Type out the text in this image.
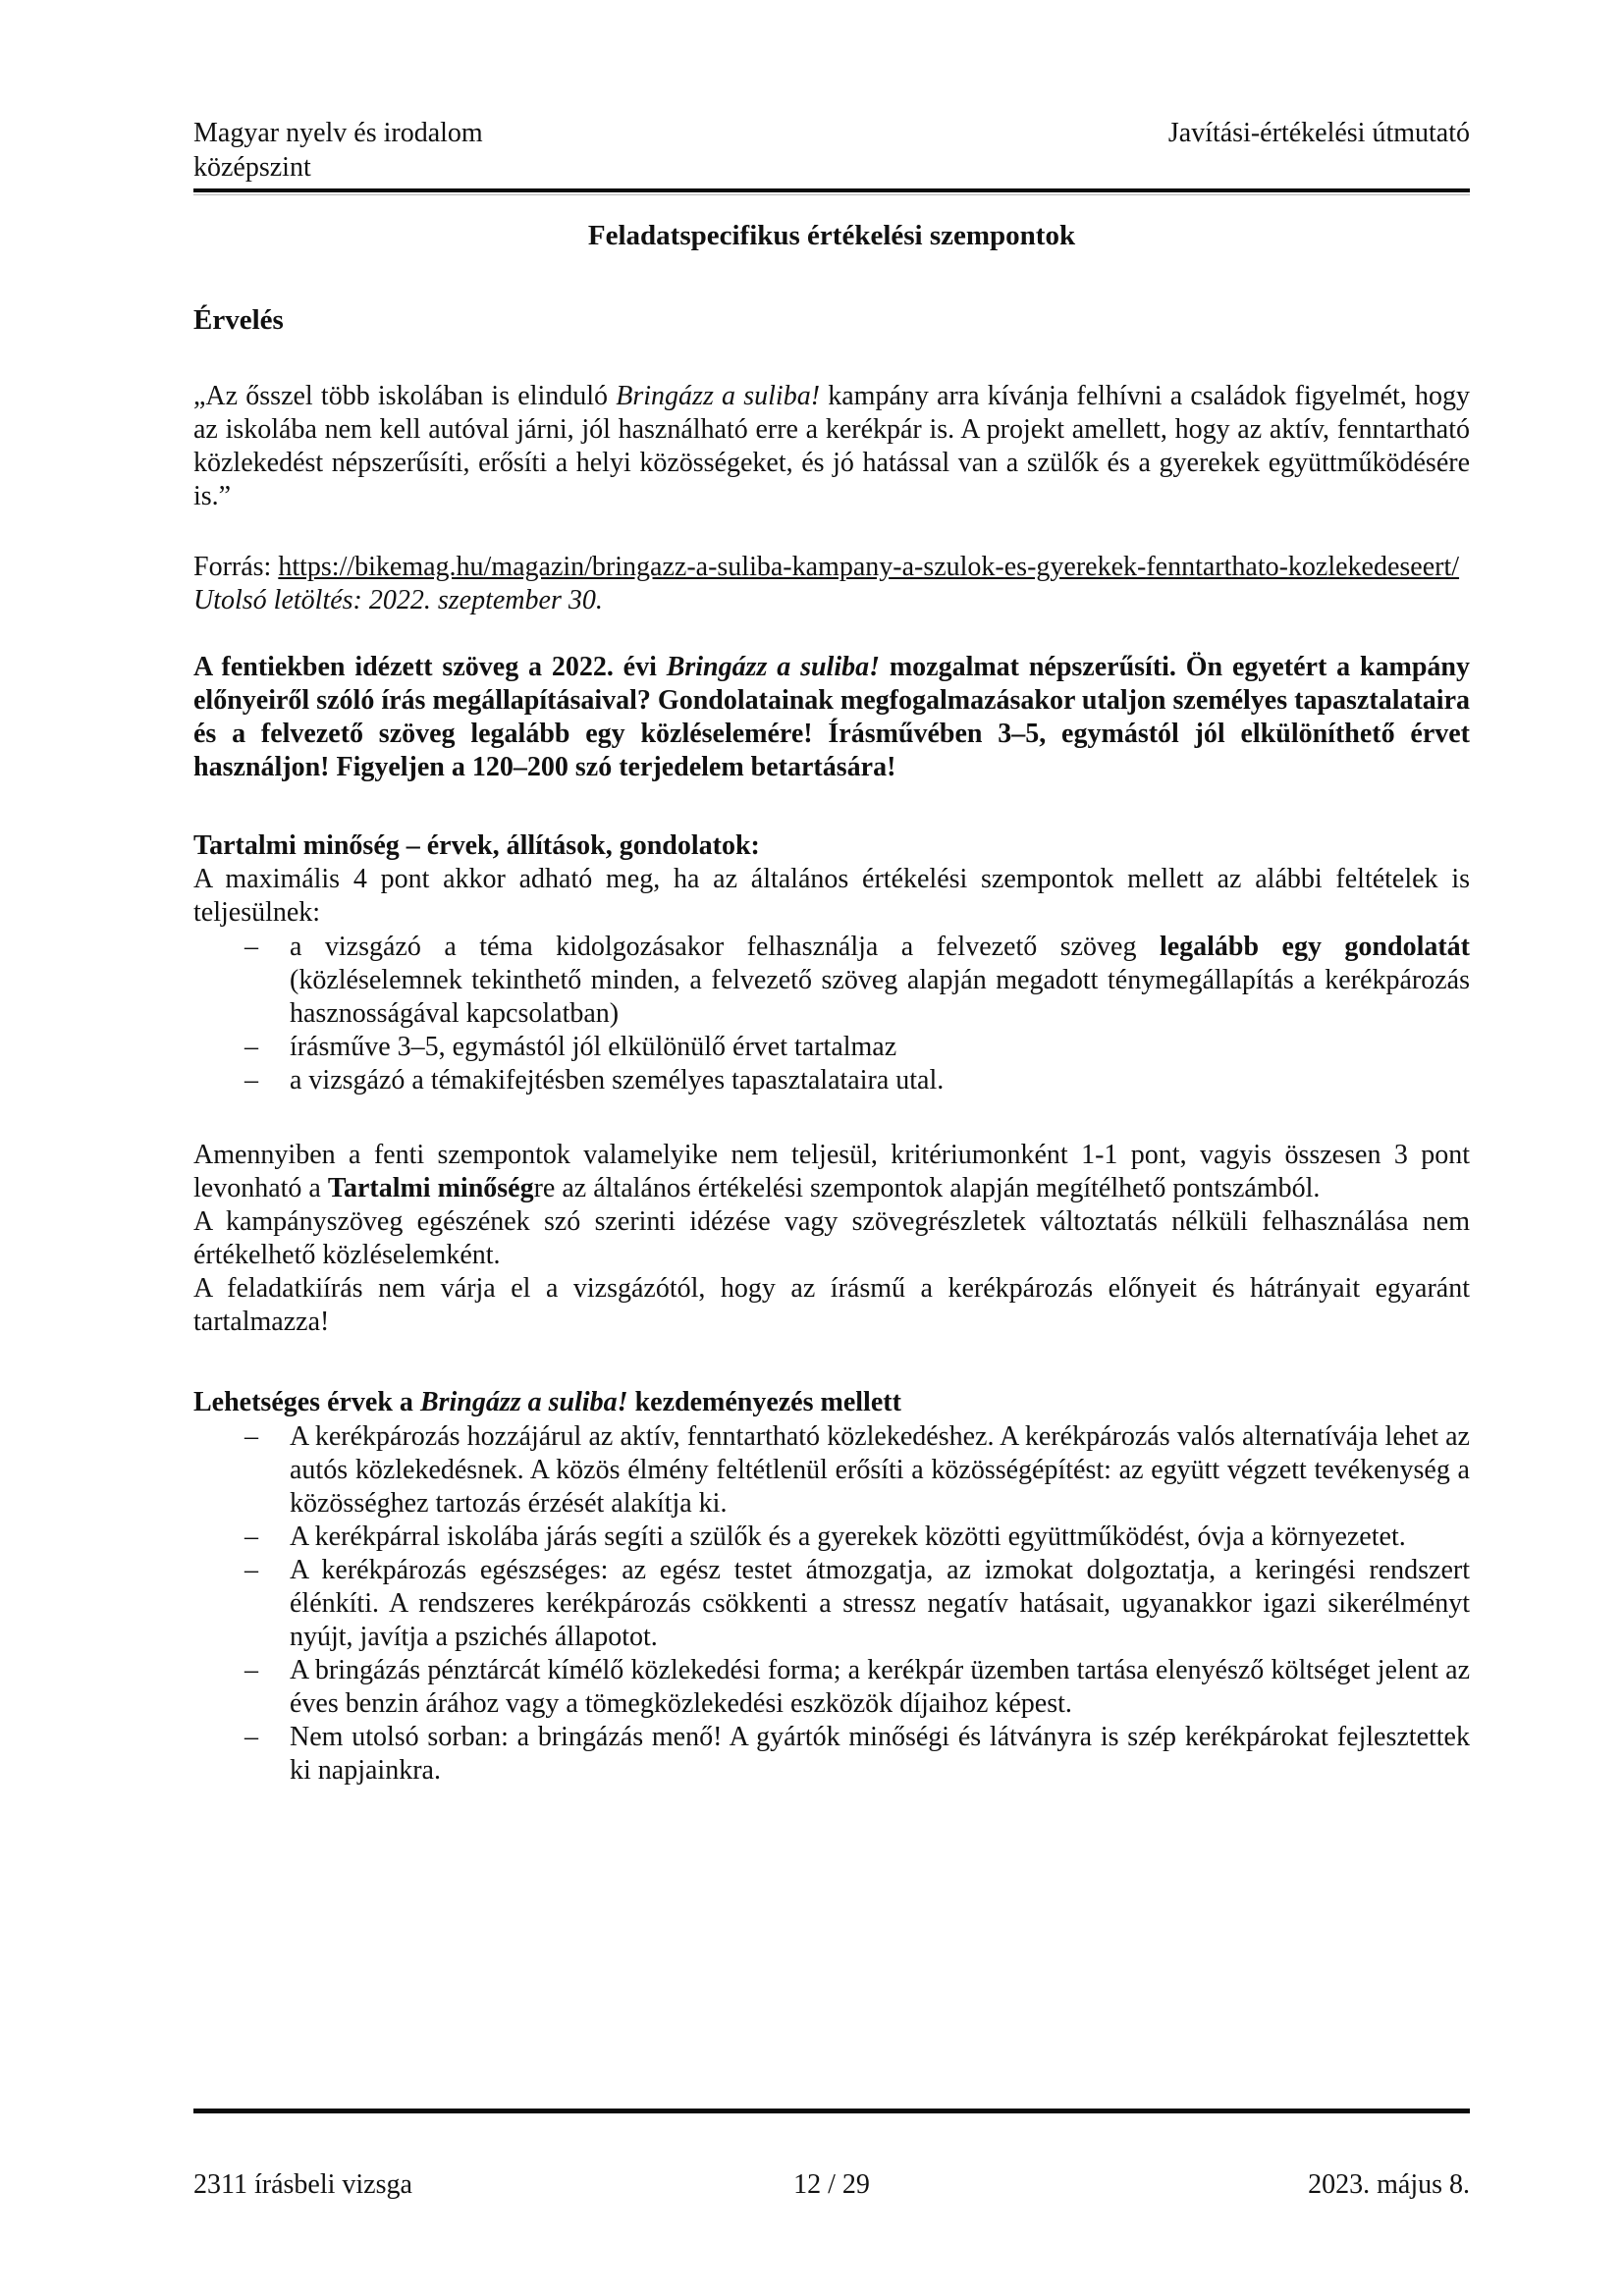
Magyar nyelv és irodalom
középszint
Javítási-értékelési útmutató
Feladatspecifikus értékelési szempontok
Érvelés

„Az ősszel több iskolában is elinduló Bringázz a suliba! kampány arra kívánja felhívni a családok figyelmét, hogy az iskolába nem kell autóval járni, jól használható erre a kerékpár is. A projekt amellett, hogy az aktív, fenntartható közlekedést népszerűsíti, erősíti a helyi közösségeket, és jó hatással van a szülők és a gyerekek együttműködésére is.”

Forrás: https://bikemag.hu/magazin/bringazz-a-suliba-kampany-a-szulok-es-gyerekek-fenntarthato-kozlekedeseert/
Utolsó letöltés: 2022. szeptember 30.

A fentiekben idézett szöveg a 2022. évi Bringázz a suliba! mozgalmat népszerűsíti. Ön egyetért a kampány előnyeiről szóló írás megállapításaival? Gondolatainak megfogalmazásakor utaljon személyes tapasztalataira és a felvezető szöveg legalább egy közléselemére! Írásművében 3–5, egymástól jól elkülöníthető érvet használjon! Figyeljen a 120–200 szó terjedelem betartására!

Tartalmi minőség – érvek, állítások, gondolatok:

A maximális 4 pont akkor adható meg, ha az általános értékelési szempontok mellett az alábbi feltételek is teljesülnek:

–	a vizsgázó a téma kidolgozásakor felhasználja a felvezető szöveg legalább egy gondolatát (közléselemnek tekinthető minden, a felvezető szöveg alapján megadott ténymegállapítás a kerékpározás hasznosságával kapcsolatban)
–	írásműve 3–5, egymástól jól elkülönülő érvet tartalmaz
–	a vizsgázó a témakifejtésben személyes tapasztalataira utal.

Amennyiben a fenti szempontok valamelyike nem teljesül, kritériumonként 1-1 pont, vagyis összesen 3 pont levonható a Tartalmi minőségre az általános értékelési szempontok alapján megítélhető pontszámból.

A kampányszöveg egészének szó szerinti idézése vagy szövegrészletek változtatás nélküli felhasználása nem értékelhető közléselemként.

A feladatkiírás nem várja el a vizsgázótól, hogy az írásmű a kerékpározás előnyeit és hátrányait egyaránt tartalmazza!

Lehetséges érvek a Bringázz a suliba! kezdeményezés mellett
–	A kerékpározás hozzájárul az aktív, fenntartható közlekedéshez. A kerékpározás valós alternatívája lehet az autós közlekedésnek. A közös élmény feltétlenül erősíti a közösségépítést: az együtt végzett tevékenység a közösséghez tartozás érzését alakítja ki.
–	A kerékpárral iskolába járás segíti a szülők és a gyerekek közötti együttműködést, óvja a környezetet.
–	A kerékpározás egészséges: az egész testet átmozgatja, az izmokat dolgoztatja, a keringési rendszert élénkíti. A rendszeres kerékpározás csökkenti a stressz negatív hatásait, ugyanakkor igazi sikerélményt nyújt, javítja a pszichés állapotot.
–	A bringázás pénztárcát kímélő közlekedési forma; a kerékpár üzemben tartása elenyésző költséget jelent az éves benzin árához vagy a tömegközlekedési eszközök díjaihoz képest.
–	Nem utolsó sorban: a bringázás menő! A gyártók minőségi és látványra is szép kerékpárokat fejlesztettek ki napjainkra.
12 / 29
2311 írásbeli vizsga	2023. május 8.
